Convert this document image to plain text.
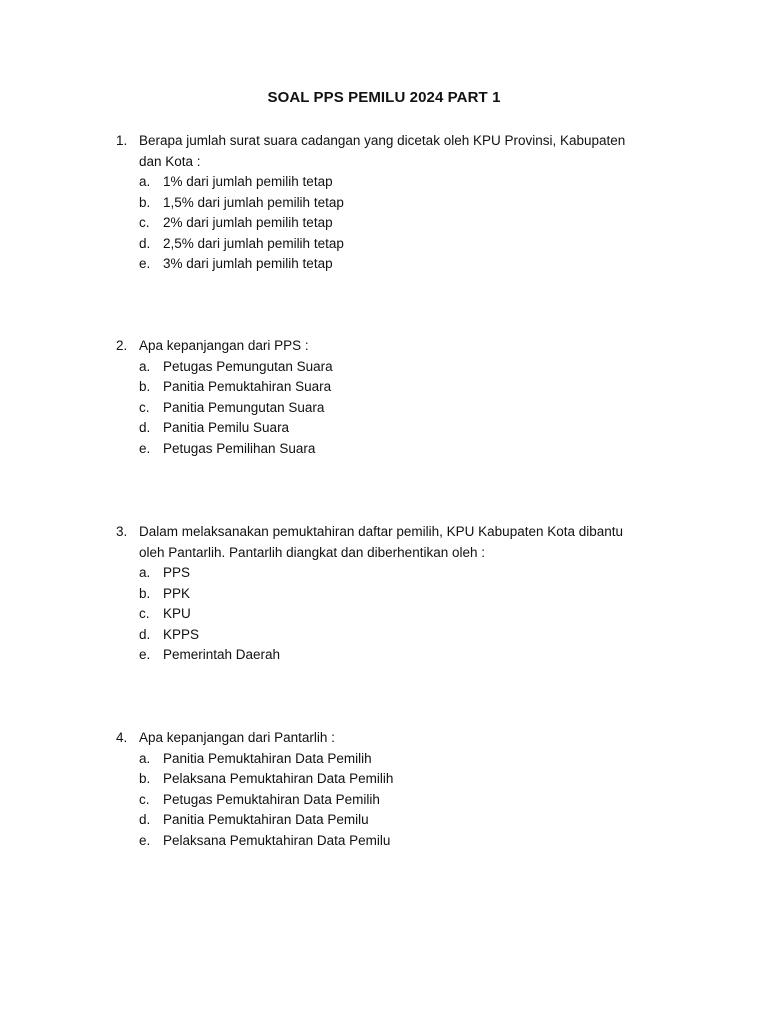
SOAL PPS PEMILU 2024 PART 1
1. Berapa jumlah surat suara cadangan yang dicetak oleh KPU Provinsi, Kabupaten dan Kota :
a. 1% dari jumlah pemilih tetap
b. 1,5% dari jumlah pemilih tetap
c. 2% dari jumlah pemilih tetap
d. 2,5% dari jumlah pemilih tetap
e. 3% dari jumlah pemilih tetap
2. Apa kepanjangan dari PPS :
a. Petugas Pemungutan Suara
b. Panitia Pemuktahiran Suara
c. Panitia Pemungutan Suara
d. Panitia Pemilu Suara
e. Petugas Pemilihan Suara
3. Dalam melaksanakan pemuktahiran daftar pemilih, KPU Kabupaten Kota dibantu oleh Pantarlih. Pantarlih diangkat dan diberhentikan oleh :
a. PPS
b. PPK
c. KPU
d. KPPS
e. Pemerintah Daerah
4. Apa kepanjangan dari Pantarlih :
a. Panitia Pemuktahiran Data Pemilih
b. Pelaksana Pemuktahiran Data Pemilih
c. Petugas Pemuktahiran Data Pemilih
d. Panitia Pemuktahiran Data Pemilu
e. Pelaksana Pemuktahiran Data Pemilu
